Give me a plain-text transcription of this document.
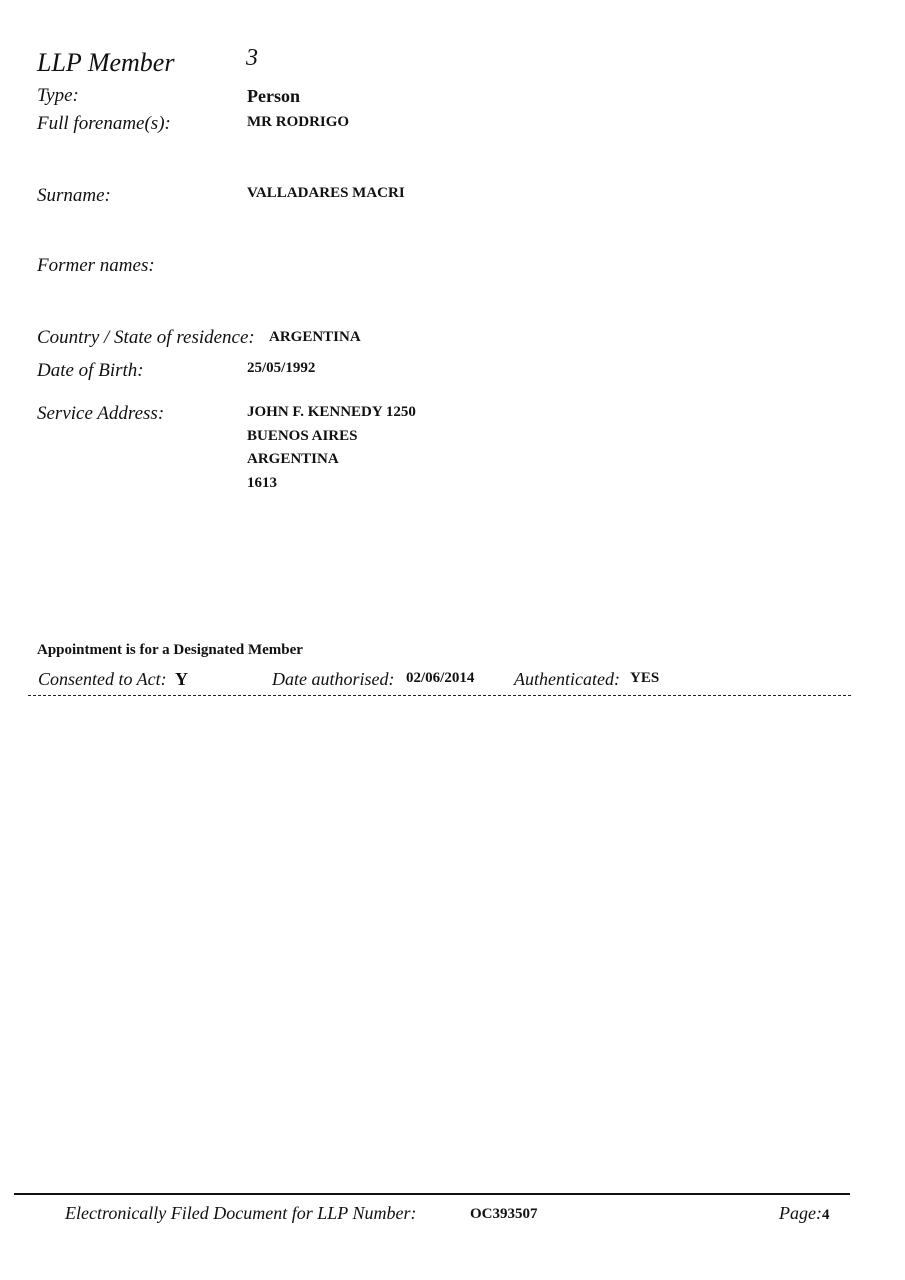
LLP Member	3
Type:	Person
Full forename(s):	MR RODRIGO
Surname:	VALLADARES MACRI
Former names:
Country / State of residence: ARGENTINA
Date of Birth:	25/05/1992
Service Address:	JOHN F. KENNEDY 1250
BUENOS AIRES
ARGENTINA
1613
Appointment is for a Designated Member
Consented to Act: Y	Date authorised: 02/06/2014 Authenticated: YES
Electronically Filed Document for LLP Number:	OC393507	Page:4
